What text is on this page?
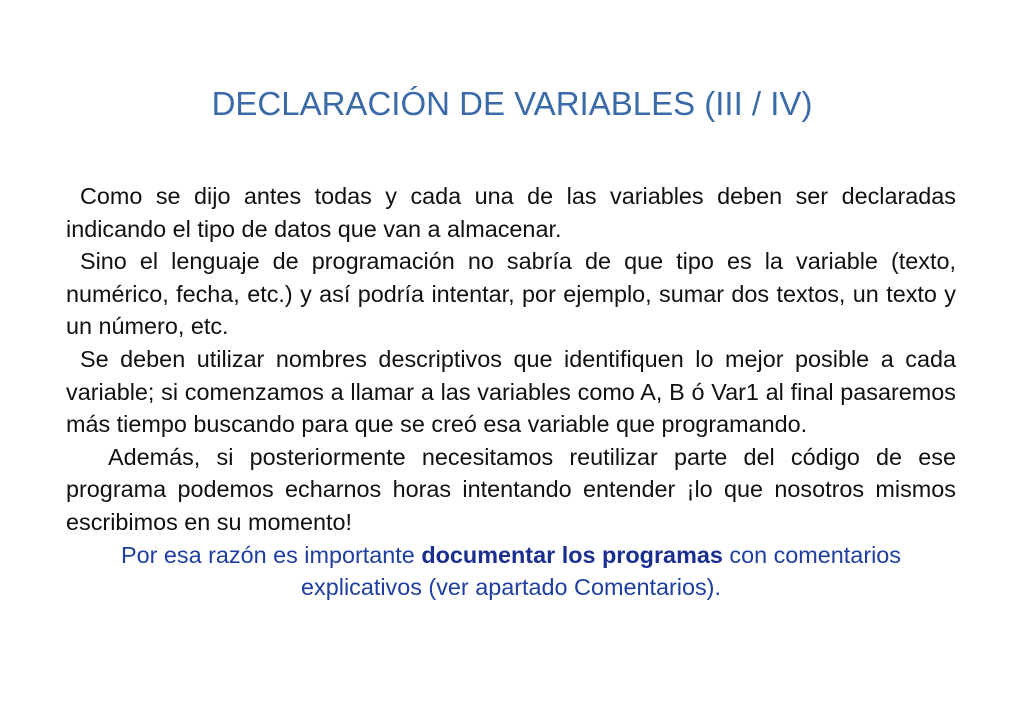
DECLARACIÓN DE VARIABLES (III / IV)

Como se dijo antes todas y cada una de las variables deben ser declaradas indicando el tipo de datos que van a almacenar.

Sino el lenguaje de programación no sabría de que tipo es la variable (texto, numérico, fecha, etc.) y así podría intentar, por ejemplo, sumar dos textos, un texto y un número, etc.

Se deben utilizar nombres descriptivos que identifiquen lo mejor posible a cada variable; si comenzamos a llamar a las variables como A, B ó Var1 al final pasaremos más tiempo buscando para que se creó esa variable que programando.

Además, si posteriormente necesitamos reutilizar parte del código de ese programa podemos echarnos horas intentando entender ¡lo que nosotros mismos escribimos en su momento!

Por esa razón es importante documentar los programas con comentarios explicativos (ver apartado Comentarios).
